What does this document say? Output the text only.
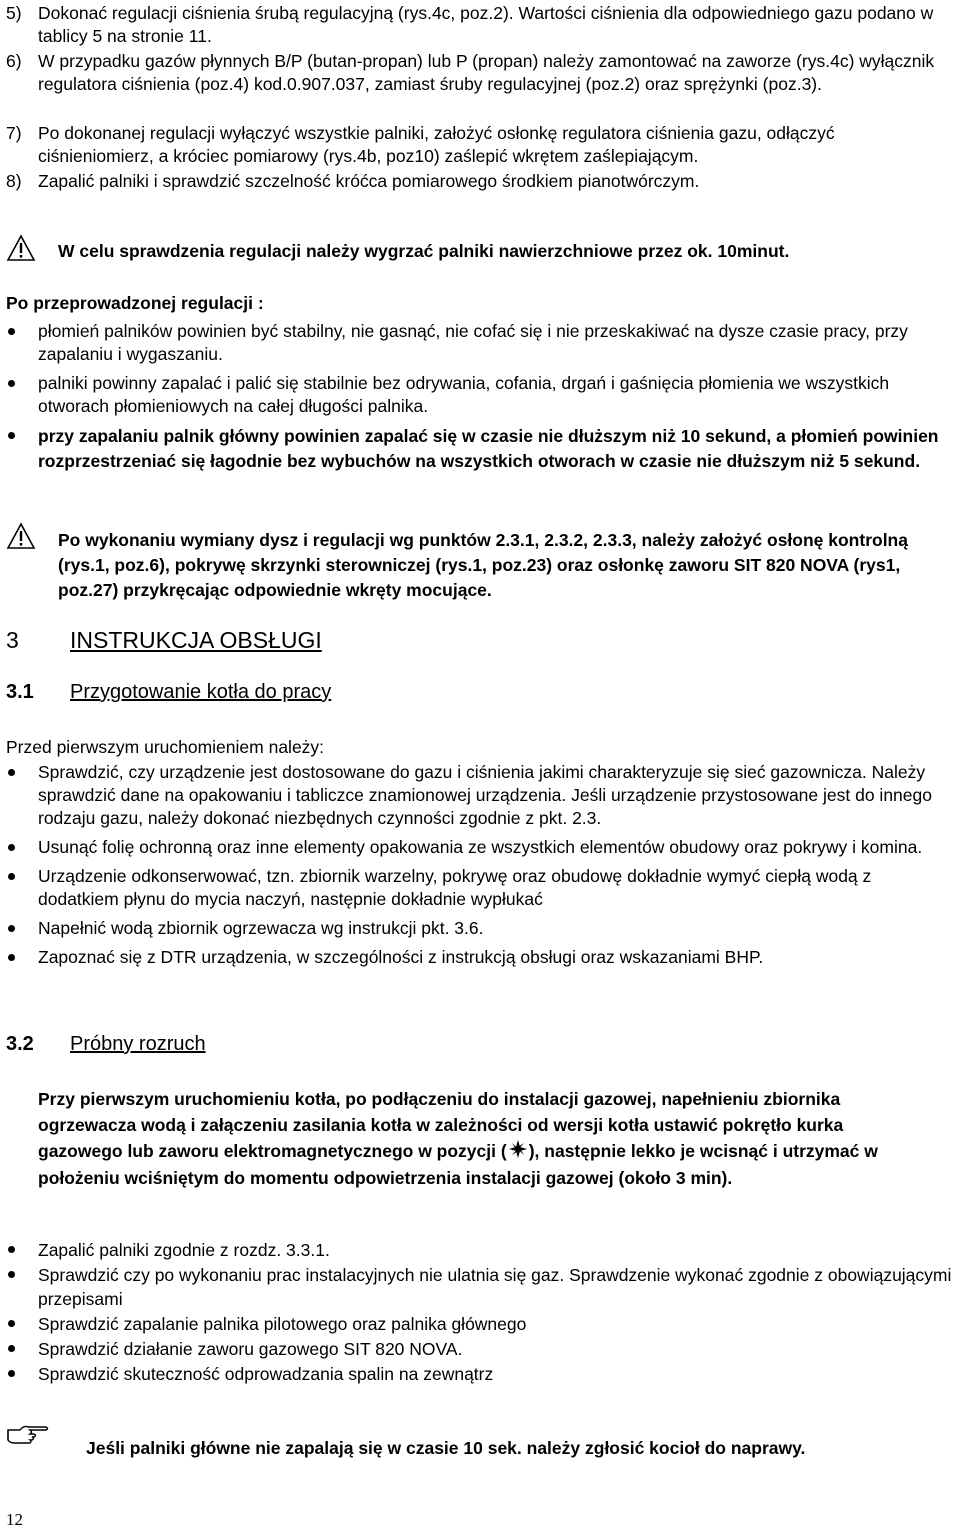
5) Dokonać regulacji ciśnienia śrubą regulacyjną (rys.4c, poz.2). Wartości ciśnienia dla odpowiedniego gazu podano w tablicy 5 na stronie 11.
6) W przypadku gazów płynnych B/P (butan-propan) lub P (propan) należy zamontować na zaworze (rys.4c) wyłącznik regulatora ciśnienia (poz.4) kod.0.907.037, zamiast śruby regulacyjnej (poz.2) oraz sprężynki (poz.3).
7) Po dokonanej regulacji wyłączyć wszystkie palniki, założyć osłonkę regulatora ciśnienia gazu, odłączyć ciśnieniomierz, a króciec pomiarowy (rys.4b, poz10) zaślepić wkrętem zaślepiającym.
8) Zapalić palniki i sprawdzić szczelność króćca pomiarowego środkiem pianotwórczym.
W celu sprawdzenia regulacji należy wygrzać palniki nawierzchniowe przez ok. 10minut.
Po przeprowadzonej regulacji :
płomień palników powinien być stabilny, nie gasnąć, nie cofać się i nie przeskakiwać na dysze czasie pracy, przy zapalaniu i wygaszaniu.
palniki powinny zapalać i palić się stabilnie bez odrywania, cofania, drgań i gaśnięcia płomienia we wszystkich otworach płomieniowych na całej długości palnika.
przy zapalaniu palnik główny powinien zapalać się w czasie nie dłuższym niż 10 sekund, a płomień powinien rozprzestrzeniać się łagodnie bez wybuchów na wszystkich otworach w czasie nie dłuższym niż 5 sekund.
Po wykonaniu wymiany dysz i regulacji wg punktów 2.3.1, 2.3.2, 2.3.3, należy założyć osłonę kontrolną (rys.1, poz.6), pokrywę skrzynki sterowniczej (rys.1, poz.23) oraz osłonkę zaworu SIT 820 NOVA (rys1, poz.27) przykręcając odpowiednie wkręty mocujące.
3 INSTRUKCJA OBSŁUGI
3.1 Przygotowanie kotła do pracy
Przed pierwszym uruchomieniem należy:
Sprawdzić, czy urządzenie jest dostosowane do gazu i ciśnienia jakimi charakteryzuje się sieć gazownicza. Należy sprawdzić dane na opakowaniu i tabliczce znamionowej urządzenia. Jeśli urządzenie przystosowane jest do innego rodzaju gazu, należy dokonać niezbędnych czynności zgodnie z pkt. 2.3.
Usunąć folię ochronną oraz inne elementy opakowania ze wszystkich elementów obudowy oraz pokrywy i komina.
Urządzenie odkonserwować, tzn. zbiornik warzelny, pokrywę oraz obudowę dokładnie wymyć ciepłą wodą z dodatkiem płynu do mycia naczyń, następnie dokładnie wypłukać
Napełnić wodą zbiornik ogrzewacza wg instrukcji pkt. 3.6.
Zapoznać się z DTR urządzenia, w szczególności z instrukcją obsługi oraz wskazaniami BHP.
3.2 Próbny rozruch
Przy pierwszym uruchomieniu kotła, po podłączeniu do instalacji gazowej, napełnieniu zbiornika ogrzewacza wodą i załączeniu zasilania kotła w zależności od wersji kotła ustawić pokrętło kurka gazowego lub zaworu elektromagnetycznego w pozycji ( ), następnie lekko je wcisnąć i utrzymać w położeniu wciśniętym do momentu odpowietrzenia instalacji gazowej (około 3 min).
Zapalić palniki zgodnie z rozdz. 3.3.1.
Sprawdzić czy po wykonaniu prac instalacyjnych nie ulatnia się gaz. Sprawdzenie wykonać zgodnie z obowiązującymi przepisami
Sprawdzić zapalanie palnika pilotowego oraz palnika głównego
Sprawdzić działanie zaworu gazowego SIT 820 NOVA.
Sprawdzić skuteczność odprowadzania spalin na zewnątrz
Jeśli palniki główne nie zapalają się w czasie 10 sek. należy zgłosić kocioł do naprawy.
12
